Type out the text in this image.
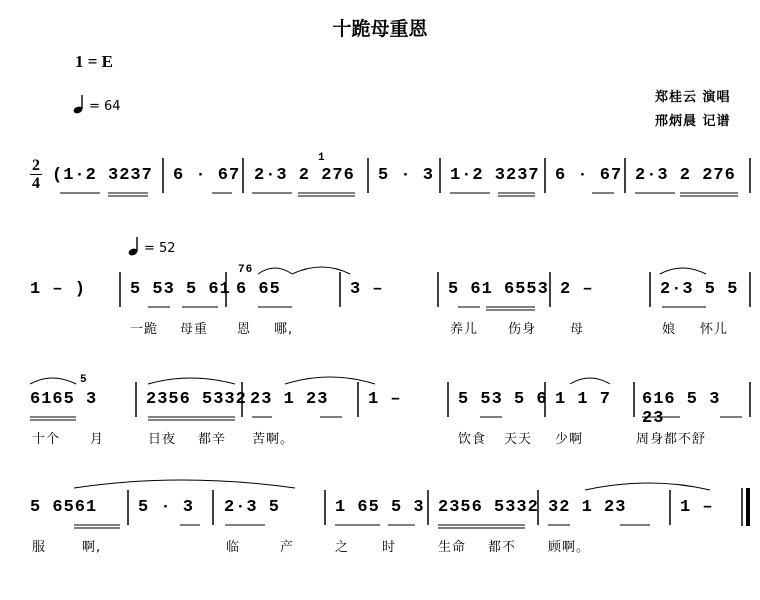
十跪母重恩
1 = E
= 64
郑桂云 演唱
邢炳晨 记谱
2
4 (1·2 3237 6 · 67 2·3 2 276
1
5 · 3 1·2 3237 6 · 67 2·3 2 276
= 52
1 – )	5 53 5 61 6 65
76
3 –	5 61 6553 2 –	2·3 5 5
一跪 母重 恩 哪,	养儿 伤身	母	娘 怀儿
6165 3
5
2356 5332 23 1 23 1 –	5 53 5 6 1 1 7 616 5 3 23
十个 月	日夜 都辛 苦啊。	饮食 天天 少啊	周身都不舒
5 6561 5 · 3 2·3 5	1 65 5 3 2356 5332 32 1 23	1 –
服	啊,	临	产	之	时	生命 都不 顾啊。
